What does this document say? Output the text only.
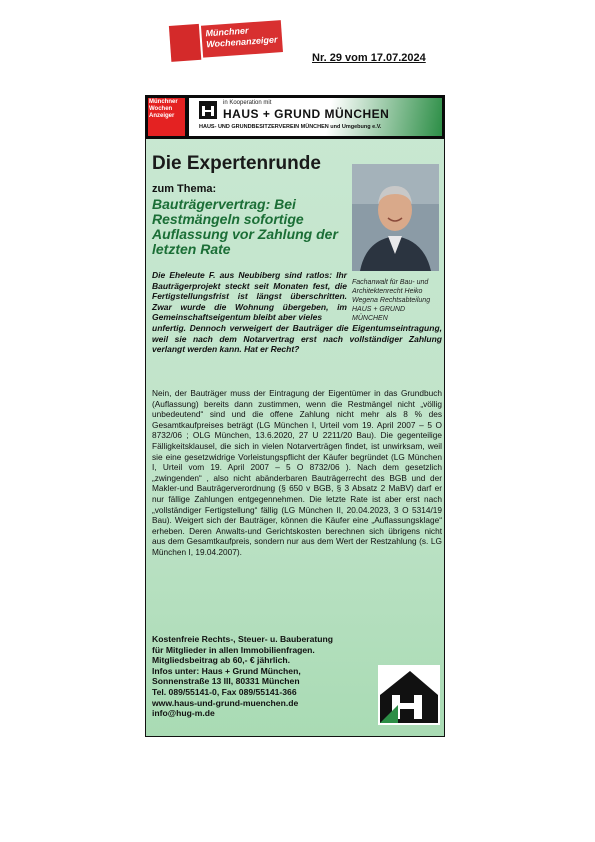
Münchner Wochenanzeiger
Nr. 29 vom 17.07.2024
Münchner Wochen Anzeiger
in Kooperation mit
HAUS + GRUND MÜNCHEN
HAUS- UND GRUNDBESITZERVEREIN MÜNCHEN und Umgebung e.V.
Die Expertenrunde
zum Thema:
Bauträgervertrag: Bei Restmängeln sofortige Auflassung vor Zahlung der letzten Rate
Fachanwalt für Bau- und Architektenrecht Heiko Wegena Rechtsabteilung HAUS + GRUND MÜNCHEN
Die Eheleute F. aus Neubiberg sind ratlos: Ihr Bauträgerprojekt steckt seit Monaten fest, die Fertigstellungsfrist ist längst überschritten. Zwar wurde die Wohnung übergeben, im Gemeinschaftseigentum bleibt aber vieles
unfertig. Dennoch verweigert der Bauträger die Eigentumseintragung, weil sie nach dem Notarvertrag erst nach vollständiger Zahlung verlangt werden kann. Hat er Recht?
Nein, der Bauträger muss der Eintragung der Eigentümer in das Grundbuch (Auflassung) bereits dann zustimmen, wenn die Restmängel nicht „völlig unbedeutend“ sind und die offene Zahlung nicht mehr als 8 % des Gesamtkaufpreises beträgt (LG München I, Urteil vom 19. April 2007 – 5 O 8732/06 ; OLG München, 13.6.2020, 27 U 2211/20 Bau). Die gegenteilige Fälligkeitsklausel, die sich in vielen Notarverträgen findet, ist unwirksam, weil sie eine gesetzwidrige Vorleistungspflicht der Käufer begründet (LG München I, Urteil vom 19. April 2007 – 5 O 8732/06 ). Nach dem gesetzlich „zwingenden“ , also nicht abänderbaren Bauträgerrecht des BGB und der Makler-und Bauträgerverordnung (§ 650 v BGB, § 3 Absatz 2 MaBV) darf er nur fällige Zahlungen entgegennehmen. Die letzte Rate ist aber erst nach „vollständiger Fertigstellung“ fällig (LG München II, 20.04.2023, 3 O 5314/19 Bau). Weigert sich der Bauträger, können die Käufer eine „Auflassungsklage“ erheben. Deren Anwalts-und Gerichtskosten berechnen sich übrigens nicht aus dem Gesamtkaufpreis, sondern nur aus dem Wert der Restzahlung (s. LG München I, 19.04.2007).
Kostenfreie Rechts-, Steuer- u. Bauberatung
für Mitglieder in allen Immobilienfragen.
Mitgliedsbeitrag ab 60,- € jährlich.
Infos unter: Haus + Grund München,
Sonnenstraße 13 III, 80331 München
Tel. 089/55141-0, Fax 089/55141-366
www.haus-und-grund-muenchen.de
info@hug-m.de
